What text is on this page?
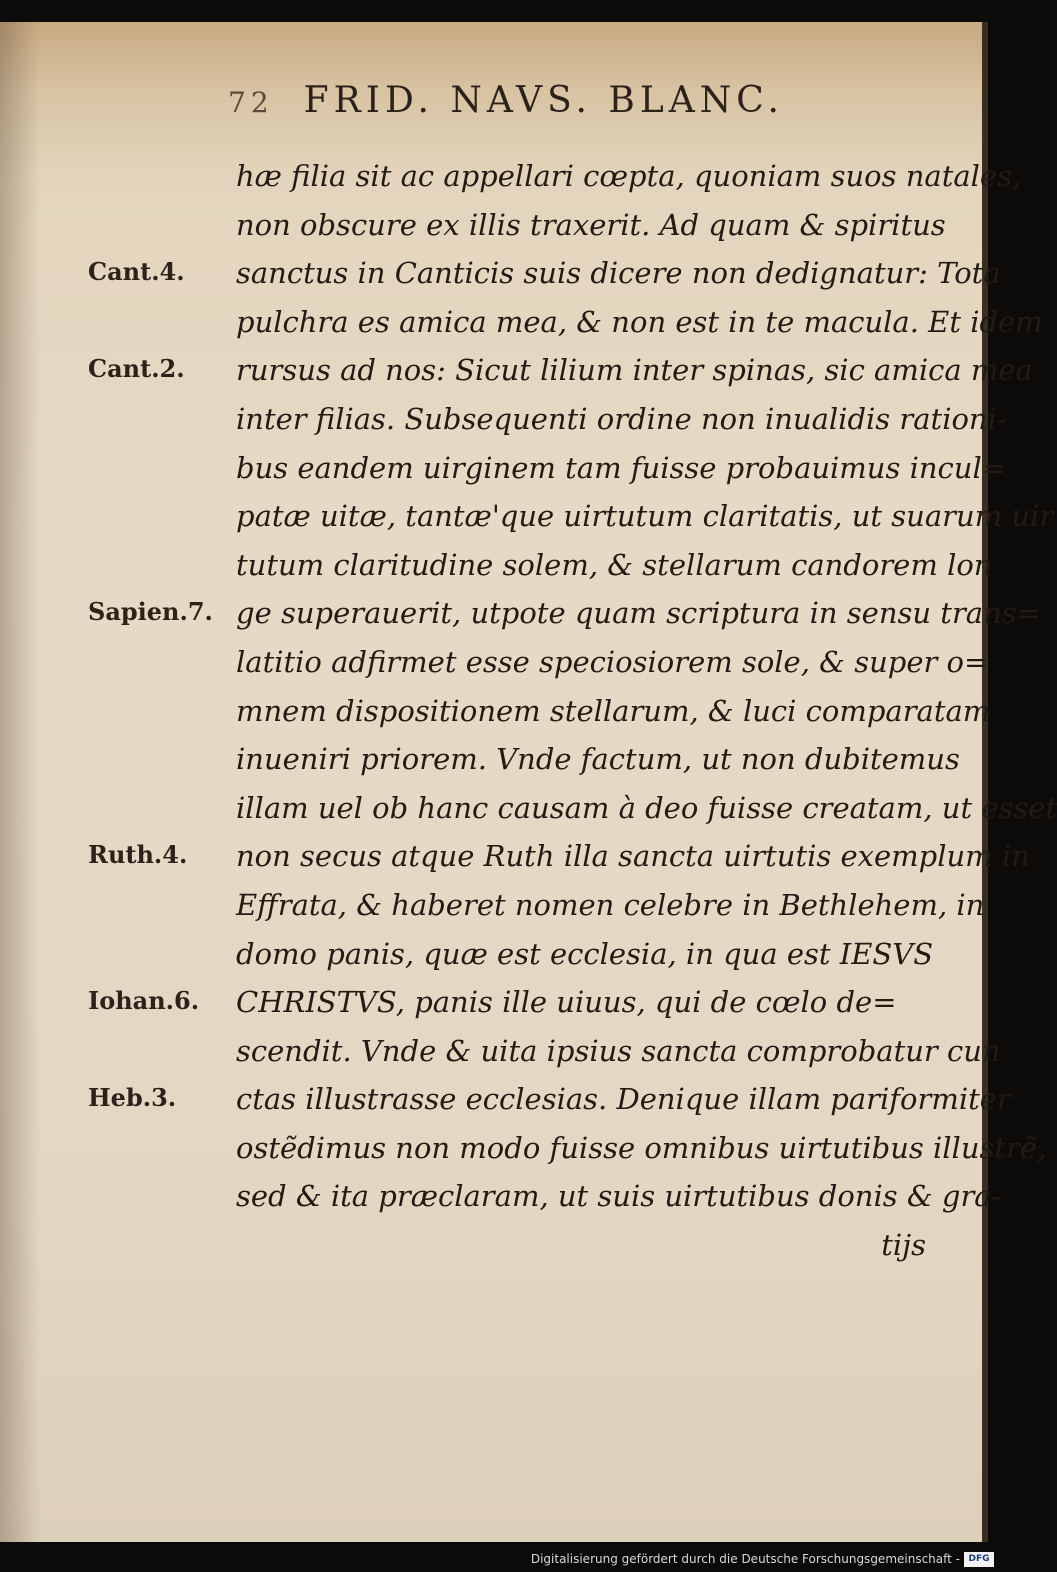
72 FRID. NAVS. BLANC.
hæ filia sit ac appellari cœpta, quoniam suos natales,
non obscure ex illis traxerit. Ad quam & spiritus
sanctus in Canticis suis dicere non dedignatur: Tota
pulchra es amica mea, & non est in te macula. Et idem
rursus ad nos: Sicut lilium inter spinas, sic amica mea
inter filias. Subsequenti ordine non inualidis rationi-
bus eandem uirginem tam fuisse probauimus incul=
patæ uitæ, tantæ'que uirtutum claritatis, ut suarum uir
tutum claritudine solem, & stellarum candorem lon
ge superauerit, utpote quam scriptura in sensu trans=
latitio adfirmet esse speciosiorem sole, & super o=
mnem dispositionem stellarum, & luci comparatam
inueniri priorem. Vnde factum, ut non dubitemus
illam uel ob hanc causam à deo fuisse creatam, ut esset
non secus atque Ruth illa sancta uirtutis exemplum in
Effrata, & haberet nomen celebre in Bethlehem, in
domo panis, quæ est ecclesia, in qua est IESVS
CHRISTVS, panis ille uiuus, qui de cœlo de=
scendit. Vnde & uita ipsius sancta comprobatur cun
ctas illustrasse ecclesias. Denique illam pariformiter
ostẽdimus non modo fuisse omnibus uirtutibus illustrẽ,
sed & ita præclaram, ut suis uirtutibus donis & gra-
tijs
Cant.4.
Cant.2.
Sapien.7.
Ruth.4.
Iohan.6.
Heb.3.
Digitalisierung gefördert durch die Deutsche Forschungsgemeinschaft - DFG
